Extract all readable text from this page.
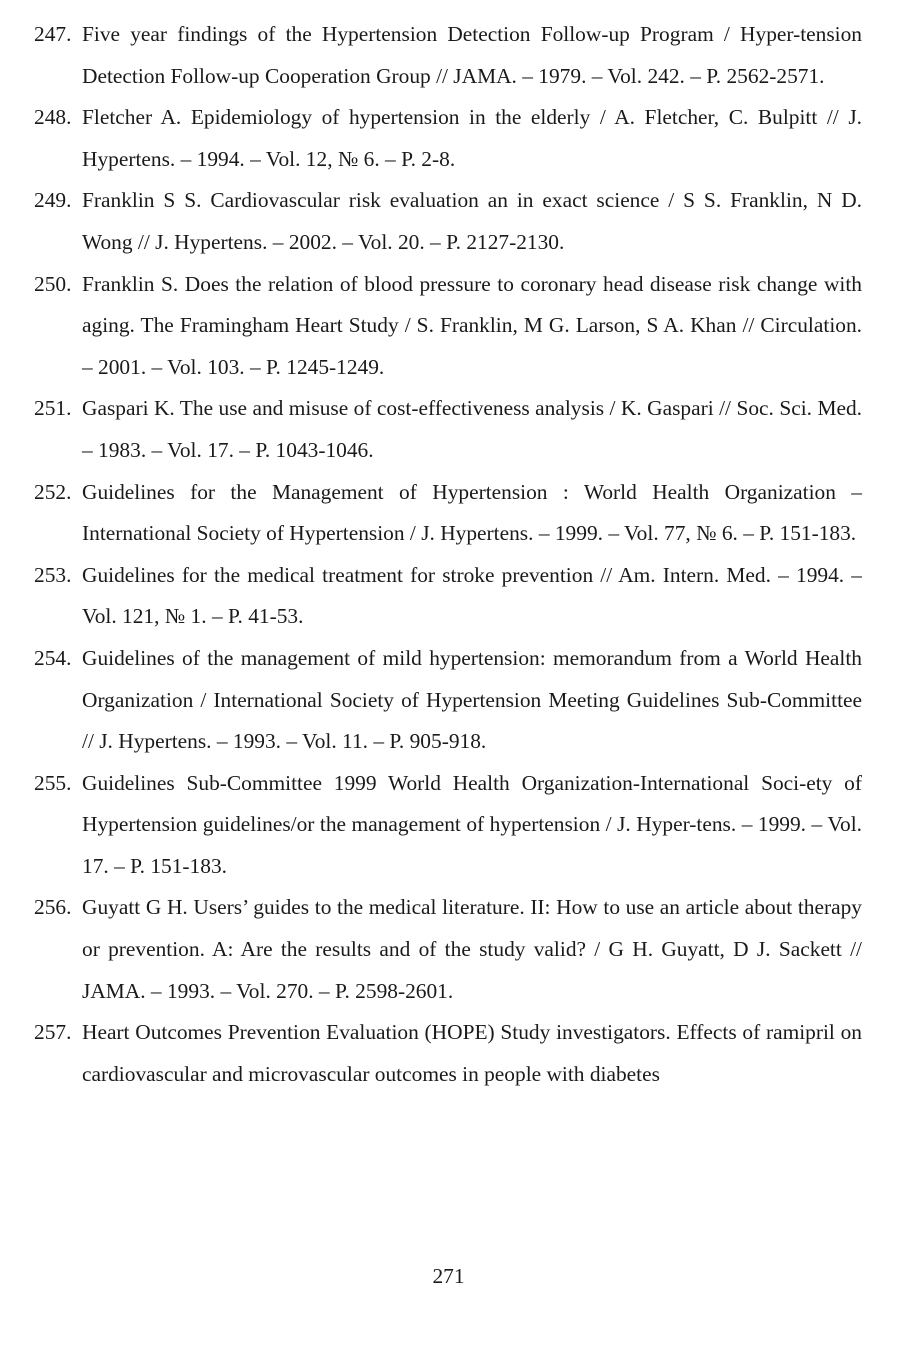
247. Five year findings of the Hypertension Detection Follow-up Program / Hyper-tension Detection Follow-up Cooperation Group // JAMA. – 1979. – Vol. 242. – P. 2562-2571.
248. Fletcher A. Epidemiology of hypertension in the elderly / A. Fletcher, C. Bulpitt // J. Hypertens. – 1994. – Vol. 12, № 6. – P. 2-8.
249. Franklin S S. Cardiovascular risk evaluation an in exact science / S S. Franklin, N D. Wong // J. Hypertens. – 2002. – Vol. 20. – P. 2127-2130.
250. Franklin S. Does the relation of blood pressure to coronary head disease risk change with aging. The Framingham Heart Study / S. Franklin, M G. Larson, S A. Khan // Circulation. – 2001. – Vol. 103. – P. 1245-1249.
251. Gaspari K. The use and misuse of cost-effectiveness analysis / K. Gaspari // Soc. Sci. Med. – 1983. – Vol. 17. – P. 1043-1046.
252. Guidelines for the Management of Hypertension : World Health Organization – International Society of Hypertension / J. Hypertens. – 1999. – Vol. 77, № 6. – P. 151-183.
253. Guidelines for the medical treatment for stroke prevention // Am. Intern. Med. – 1994. – Vol. 121, № 1. – P. 41-53.
254. Guidelines of the management of mild hypertension: memorandum from a World Health Organization / International Society of Hypertension Meeting Guidelines Sub-Committee // J. Hypertens. – 1993. – Vol. 11. – P. 905-918.
255. Guidelines Sub-Committee 1999 World Health Organization-International Soci-ety of Hypertension guidelines/or the management of hypertension / J. Hyper-tens. – 1999. – Vol. 17. – P. 151-183.
256. Guyatt G H. Users’ guides to the medical literature. II: How to use an article about therapy or prevention. A: Are the results and of the study valid? / G H. Guyatt, D J. Sackett // JAMA. – 1993. – Vol. 270. – P. 2598-2601.
257. Heart Outcomes Prevention Evaluation (HOPE) Study investigators. Effects of ramipril on cardiovascular and microvascular outcomes in people with diabetes
271
